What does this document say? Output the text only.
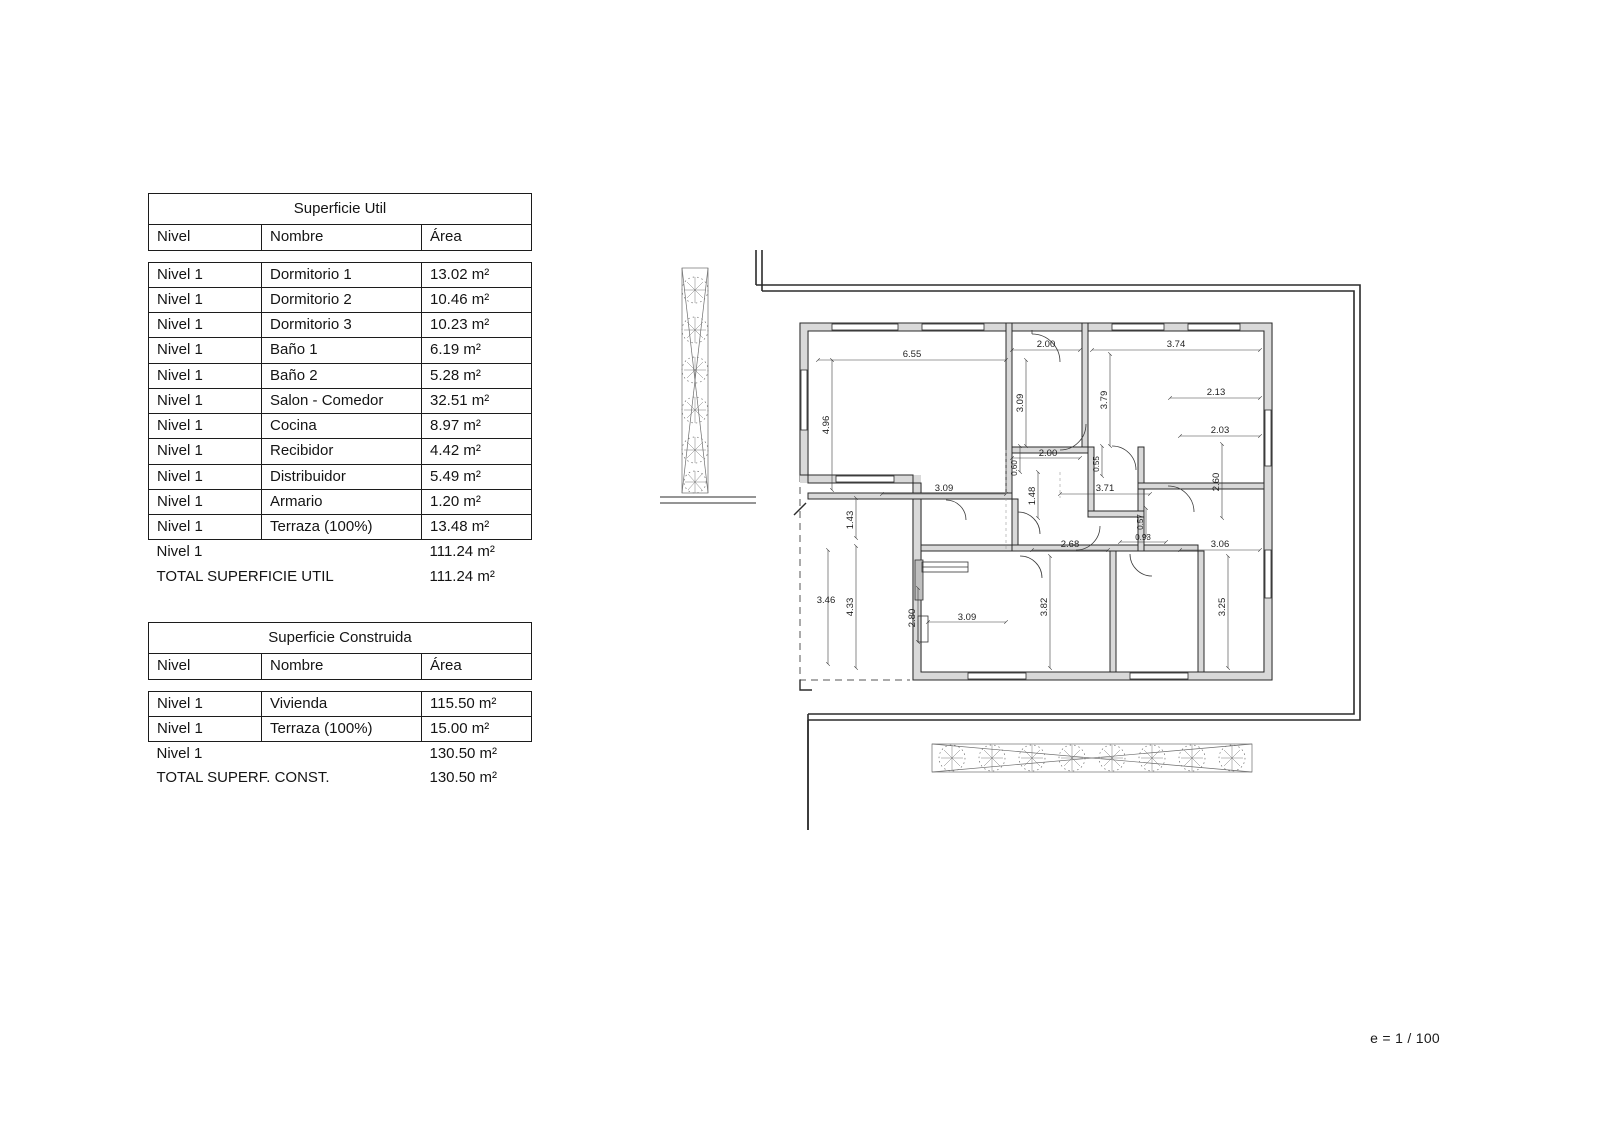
Superficie Util		
Nivel	Nombre	Área

Nivel 1	Dormitorio 1	13.02 m²
Nivel 1	Dormitorio 2	10.46 m²
Nivel 1	Dormitorio 3	10.23 m²
Nivel 1	Baño 1	6.19 m²
Nivel 1	Baño 2	5.28 m²
Nivel 1	Salon - Comedor	32.51 m²
Nivel 1	Cocina	8.97 m²
Nivel 1	Recibidor	4.42 m²
Nivel 1	Distribuidor	5.49 m²
Nivel 1	Armario	1.20 m²
Nivel 1	Terraza (100%)	13.48 m²
Nivel 1		111.24 m²
TOTAL SUPERFICIE UTIL		111.24 m²
Superficie Construida		
Nivel	Nombre	Área

Nivel 1	Vivienda	115.50 m²
Nivel 1	Terraza (100%)	15.00 m²
Nivel 1		130.50 m²
TOTAL SUPERF. CONST.		130.50 m²
6.55
4.96
2.00	3.74
3.09	3.79	2.13
0.60
2.00
0.55
2.03
2.60
1.48
3.09	3.71
1.43	0.57
0.93
2.68	3.06
3.46 4.33	3.82	3.25
2.80	3.09
e = 1 / 100
